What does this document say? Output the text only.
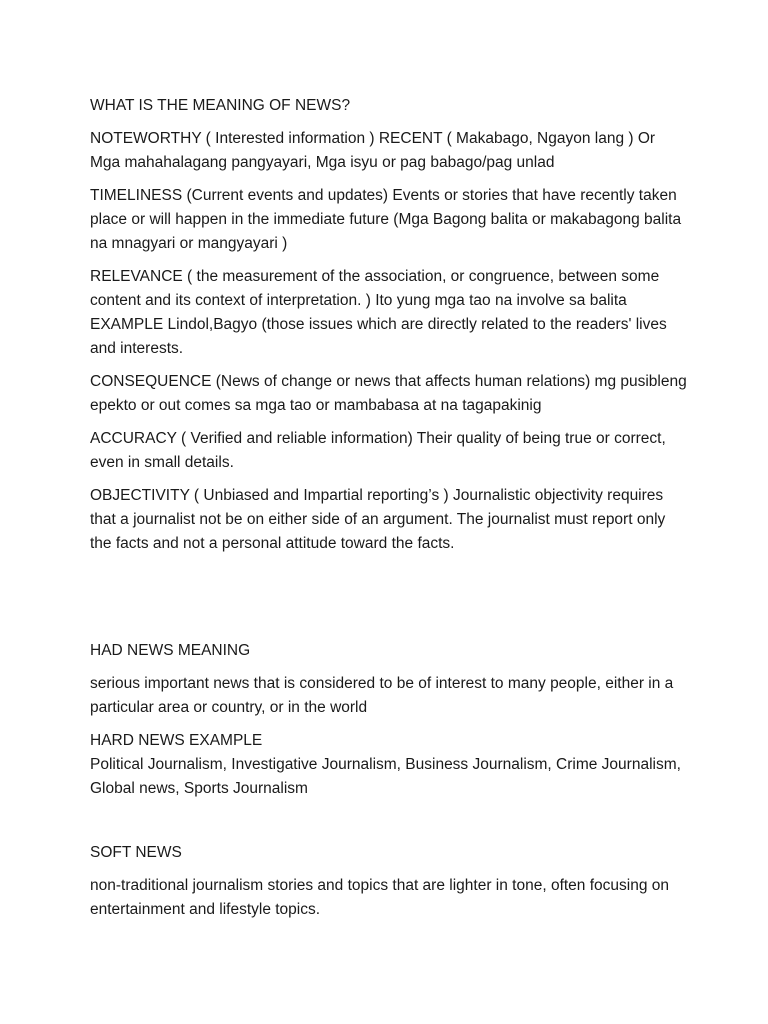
WHAT IS THE MEANING OF NEWS?

NOTEWORTHY ( Interested information ) RECENT ( Makabago, Ngayon lang ) Or Mga mahahalagang pangyayari, Mga isyu or pag babago/pag unlad

TIMELINESS (Current events and updates) Events or stories that have recently taken place or will happen in the immediate future (Mga Bagong balita or makabagong balita na mnagyari or mangyayari )

RELEVANCE ( the measurement of the association, or congruence, between some content and its context of interpretation. ) Ito yung mga tao na involve sa balita EXAMPLE Lindol,Bagyo (those issues which are directly related to the readers' lives and interests.

CONSEQUENCE (News of change or news that affects human relations) mg pusibleng epekto or out comes sa mga tao or mambabasa at na tagapakinig

ACCURACY ( Verified and reliable information) Their quality of being true or correct, even in small details.

OBJECTIVITY ( Unbiased and Impartial reporting’s ) Journalistic objectivity requires that a journalist not be on either side of an argument. The journalist must report only the facts and not a personal attitude toward the facts.

HAD NEWS MEANING

serious important news that is considered to be of interest to many people, either in a particular area or country, or in the world

HARD NEWS EXAMPLE

Political Journalism, Investigative Journalism, Business Journalism, Crime Journalism, Global news, Sports Journalism

SOFT NEWS

non-traditional journalism stories and topics that are lighter in tone, often focusing on entertainment and lifestyle topics.
